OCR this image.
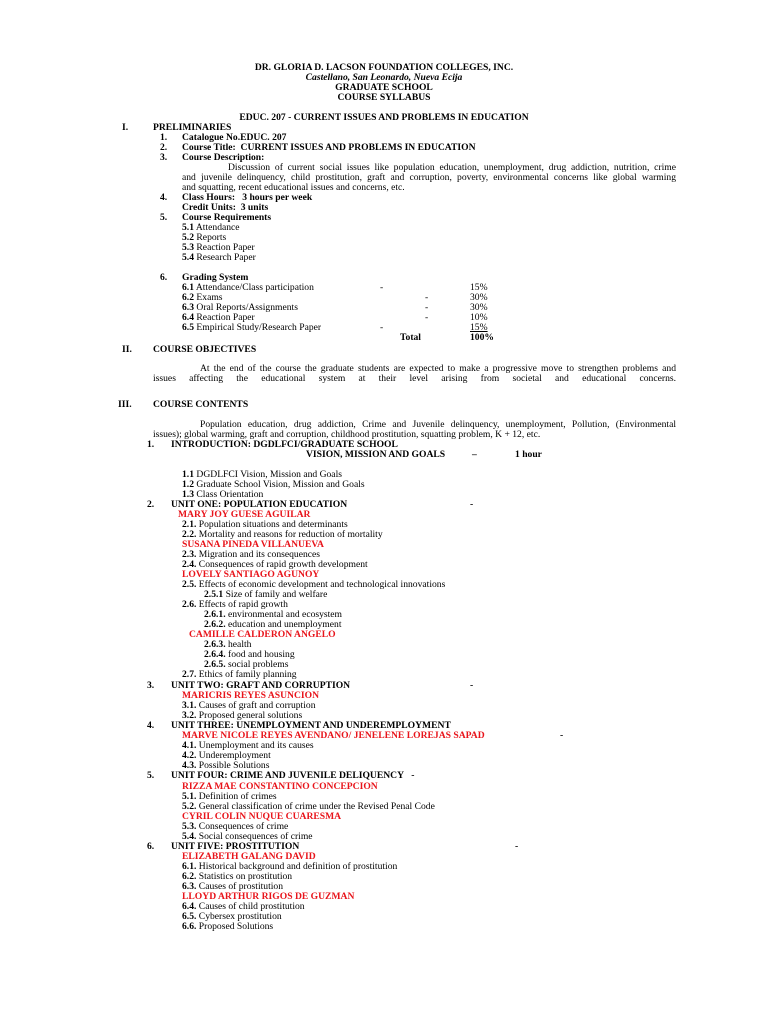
DR. GLORIA D. LACSON FOUNDATION COLLEGES, INC.
Castellano, San Leonardo, Nueva Ecija
GRADUATE SCHOOL
COURSE SYLLABUS
EDUC. 207 - CURRENT ISSUES AND PROBLEMS IN EDUCATION
I.	PRELIMINARIES
1. Catalogue No.EDUC. 207
2. Course Title: CURRENT ISSUES AND PROBLEMS IN EDUCATION
3. Course Description:
Discussion of current social issues like population education, unemployment, drug addiction, nutrition, crime
and juvenile delinquency, child prostitution, graft and corruption, poverty, environmental concerns like global warming
and squatting, recent educational issues and concerns, etc.
4. Class Hours: 3 hours per week
Credit Units: 3 units
5. Course Requirements
5.1 Attendance
5.2 Reports
5.3 Reaction Paper
5.4 Research Paper
6. Grading System
6.1 Attendance/Class participation	-	15%
6.2 Exams	-	30%
6.3 Oral Reports/Assignments	-	30%
6.4 Reaction Paper	-	10%
6.5 Empirical Study/Research Paper	-	15%
Total	100%
II. COURSE OBJECTIVES
At the end of the course the graduate students are expected to make a progressive move to strengthen problems and
issues affecting the educational system at their level arising from societal and educational concerns.
III. COURSE CONTENTS
Population education, drug addiction, Crime and Juvenile delinquency, unemployment, Pollution, (Environmental
issues); global warming, graft and corruption, childhood prostitution, squatting problem, K + 12, etc.
1. INTRODUCTION: DGDLFCI/GRADUATE SCHOOL
VISION, MISSION AND GOALS	–	1 hour
1.1 DGDLFCI Vision, Mission and Goals
1.2 Graduate School Vision, Mission and Goals
1.3 Class Orientation
2. UNIT ONE: POPULATION EDUCATION	-
MARY JOY GUESE AGUILAR
2.1. Population situations and determinants
2.2. Mortality and reasons for reduction of mortality
SUSANA PINEDA VILLANUEVA
2.3. Migration and its consequences
2.4. Consequences of rapid growth development
LOVELY SANTIAGO AGUNOY
2.5. Effects of economic development and technological innovations
2.5.1 Size of family and welfare
2.6. Effects of rapid growth
2.6.1. environmental and ecosystem
2.6.2. education and unemployment
CAMILLE CALDERON ANGELO
2.6.3. health
2.6.4. food and housing
2.6.5. social problems
2.7. Ethics of family planning
3. UNIT TWO: GRAFT AND CORRUPTION	-
MARICRIS REYES ASUNCION
3.1. Causes of graft and corruption
3.2. Proposed general solutions
4. UNIT THREE: UNEMPLOYMENT AND UNDEREMPLOYMENT
MARVE NICOLE REYES AVENDANO/ JENELENE LOREJAS SAPAD	-
4.1. Unemployment and its causes
4.2. Underemployment
4.3. Possible Solutions
5. UNIT FOUR: CRIME AND JUVENILE DELIQUENCY -
RIZZA MAE CONSTANTINO CONCEPCION
5.1. Definition of crimes
5.2. General classification of crime under the Revised Penal Code
CYRIL COLIN NUQUE CUARESMA
5.3. Consequences of crime
5.4. Social consequences of crime
6. UNIT FIVE: PROSTITUTION	-
ELIZABETH GALANG DAVID
6.1. Historical background and definition of prostitution
6.2. Statistics on prostitution
6.3. Causes of prostitution
LLOYD ARTHUR RIGOS DE GUZMAN
6.4. Causes of child prostitution
6.5. Cybersex prostitution
6.6. Proposed Solutions
